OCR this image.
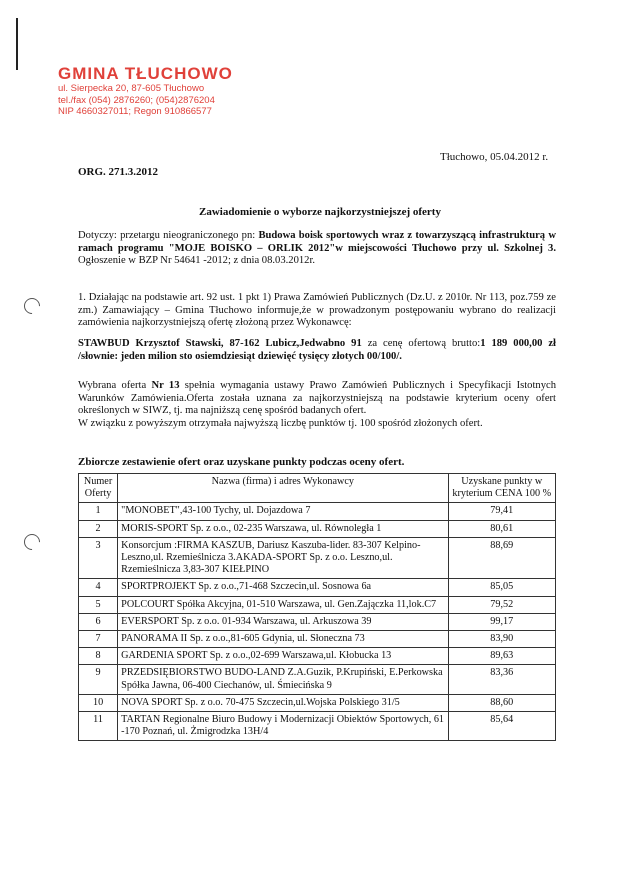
GMINA TŁUCHOWO
ul. Sierpecka 20, 87-605 Tłuchowo
tel./fax (054) 2876260; (054)2876204
NIP 4660327011; Regon 910866577
Tłuchowo, 05.04.2012 r.
ORG. 271.3.2012
Zawiadomienie o wyborze najkorzystniejszej oferty
Dotyczy: przetargu nieograniczonego pn: Budowa boisk sportowych wraz z towarzyszącą infrastrukturą w ramach programu "MOJE BOISKO – ORLIK 2012"w miejscowości Tłuchowo przy ul. Szkolnej 3. Ogłoszenie w BZP Nr 54641 -2012; z dnia 08.03.2012r.
1. Działając na podstawie art. 92 ust. 1 pkt 1) Prawa Zamówień Publicznych (Dz.U. z 2010r. Nr 113, poz.759 ze zm.) Zamawiający – Gmina Tłuchowo informuje,że w prowadzonym postępowaniu wybrano do realizacji zamówienia najkorzystniejszą ofertę złożoną przez Wykonawcę:
STAWBUD Krzysztof Stawski, 87-162 Lubicz,Jedwabno 91 za cenę ofertową brutto:1 189 000,00 zł /słownie: jeden milion sto osiemdziesiąt dziewięć tysięcy złotych 00/100/.
Wybrana oferta Nr 13 spełnia wymagania ustawy Prawo Zamówień Publicznych i Specyfikacji Istotnych Warunków Zamówienia.Oferta została uznana za najkorzystniejszą na podstawie kryterium oceny ofert określonych w SIWZ, tj. ma najniższą cenę spośród badanych ofert.
W związku z powyższym otrzymała najwyższą liczbę punktów tj. 100 spośród złożonych ofert.
Zbiorcze zestawienie ofert oraz uzyskane punkty podczas oceny ofert.
Numer Oferty	Nazwa (firma) i adres Wykonawcy	Uzyskane punkty w kryterium CENA 100 %
1	"MONOBET",43-100 Tychy, ul. Dojazdowa 7	79,41
2	MORIS-SPORT Sp. z o.o., 02-235 Warszawa, ul. Równoległa 1	80,61
3	Konsorcjum :FIRMA KASZUB, Dariusz Kaszuba-lider. 83-307 Kelpino-Leszno,ul. Rzemieślnicza 3.AKADA-SPORT Sp. z o.o. Leszno,ul. Rzemieślnicza 3,83-307 KIEŁPINO	88,69
4	SPORTPROJEKT Sp. z o.o.,71-468 Szczecin,ul. Sosnowa 6a	85,05
5	POLCOURT Spółka Akcyjna, 01-510 Warszawa, ul. Gen.Zajączka 11,lok.C7	79,52
6	EVERSPORT Sp. z o.o. 01-934 Warszawa, ul. Arkuszowa 39	99,17
7	PANORAMA II Sp. z o.o.,81-605 Gdynia, ul. Słoneczna 73	83,90
8	GARDENIA SPORT Sp. z o.o.,02-699 Warszawa,ul. Kłobucka 13	89,63
9	PRZEDSIĘBIORSTWO BUDO-LAND Z.A.Guzik, P.Krupiński, E.Perkowska Spółka Jawna, 06-400 Ciechanów, ul. Śmiecińska 9	83,36
10	NOVA SPORT Sp. z o.o. 70-475 Szczecin,ul.Wojska Polskiego 31/5	88,60
11	TARTAN Regionalne Biuro Budowy i Modernizacji Obiektów Sportowych, 61 -170 Poznań, ul. Żmigrodzka 13H/4	85,64
